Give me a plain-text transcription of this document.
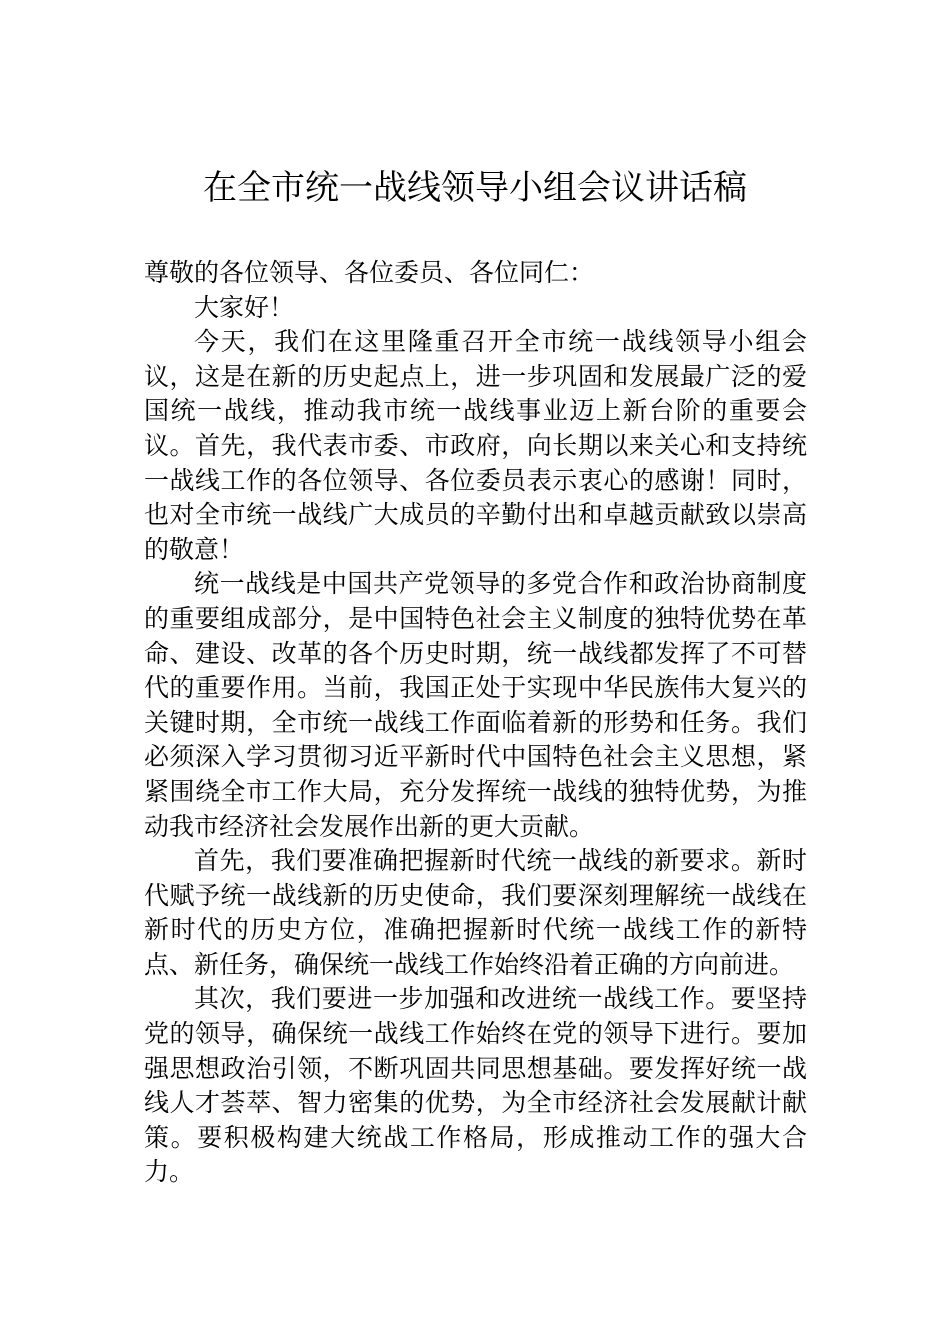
在全市统一战线领导小组会议讲话稿

尊敬的各位领导、各位委员、各位同仁：

大家好！

今天，我们在这里隆重召开全市统一战线领导小组会议，这是在新的历史起点上，进一步巩固和发展最广泛的爱国统一战线，推动我市统一战线事业迈上新台阶的重要会议。首先，我代表市委、市政府，向长期以来关心和支持统一战线工作的各位领导、各位委员表示衷心的感谢！同时，也对全市统一战线广大成员的辛勤付出和卓越贡献致以崇高的敬意！

统一战线是中国共产党领导的多党合作和政治协商制度的重要组成部分，是中国特色社会主义制度的独特优势在革命、建设、改革的各个历史时期，统一战线都发挥了不可替代的重要作用。当前，我国正处于实现中华民族伟大复兴的关键时期，全市统一战线工作面临着新的形势和任务。我们必须深入学习贯彻习近平新时代中国特色社会主义思想，紧紧围绕全市工作大局，充分发挥统一战线的独特优势，为推动我市经济社会发展作出新的更大贡献。

首先，我们要准确把握新时代统一战线的新要求。新时代赋予统一战线新的历史使命，我们要深刻理解统一战线在新时代的历史方位，准确把握新时代统一战线工作的新特点、新任务，确保统一战线工作始终沿着正确的方向前进。

其次，我们要进一步加强和改进统一战线工作。要坚持党的领导，确保统一战线工作始终在党的领导下进行。要加强思想政治引领，不断巩固共同思想基础。要发挥好统一战线人才荟萃、智力密集的优势，为全市经济社会发展献计献策。要积极构建大统战工作格局，形成推动工作的强大合力。
